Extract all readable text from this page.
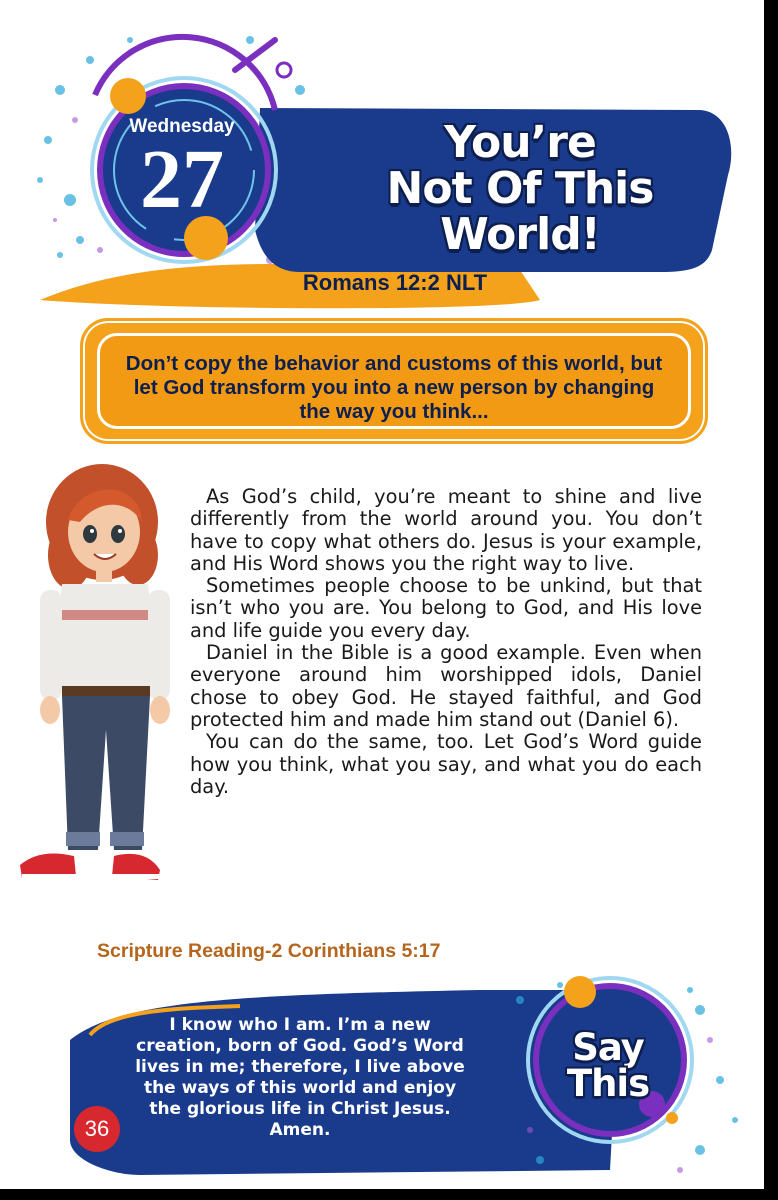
Wednesday
27	You’re
Not Of This
World!
Romans 12:2 NLT
Don’t copy the behavior and customs of this world, but let God transform you into a new person by changing the way you think...

As God’s child, you’re meant to shine and live differently from the world around you. You don’t have to copy what others do. Jesus is your example, and His Word shows you the right way to live.

Sometimes people choose to be unkind, but that isn’t who you are. You belong to God, and His love and life guide you every day.

Daniel in the Bible is a good example. Even when everyone around him worshipped idols, Daniel chose to obey God. He stayed faithful, and God protected him and made him stand out (Daniel 6).

You can do the same, too. Let God’s Word guide how you think, what you say, and what you do each day.

Scripture Reading-2 Corinthians 5:17
I know who I am. I’m a new creation, born of God. God’s Word lives in me; therefore, I live above the ways of this world and enjoy the glorious life in Christ Jesus. Amen.
Say
This
36
